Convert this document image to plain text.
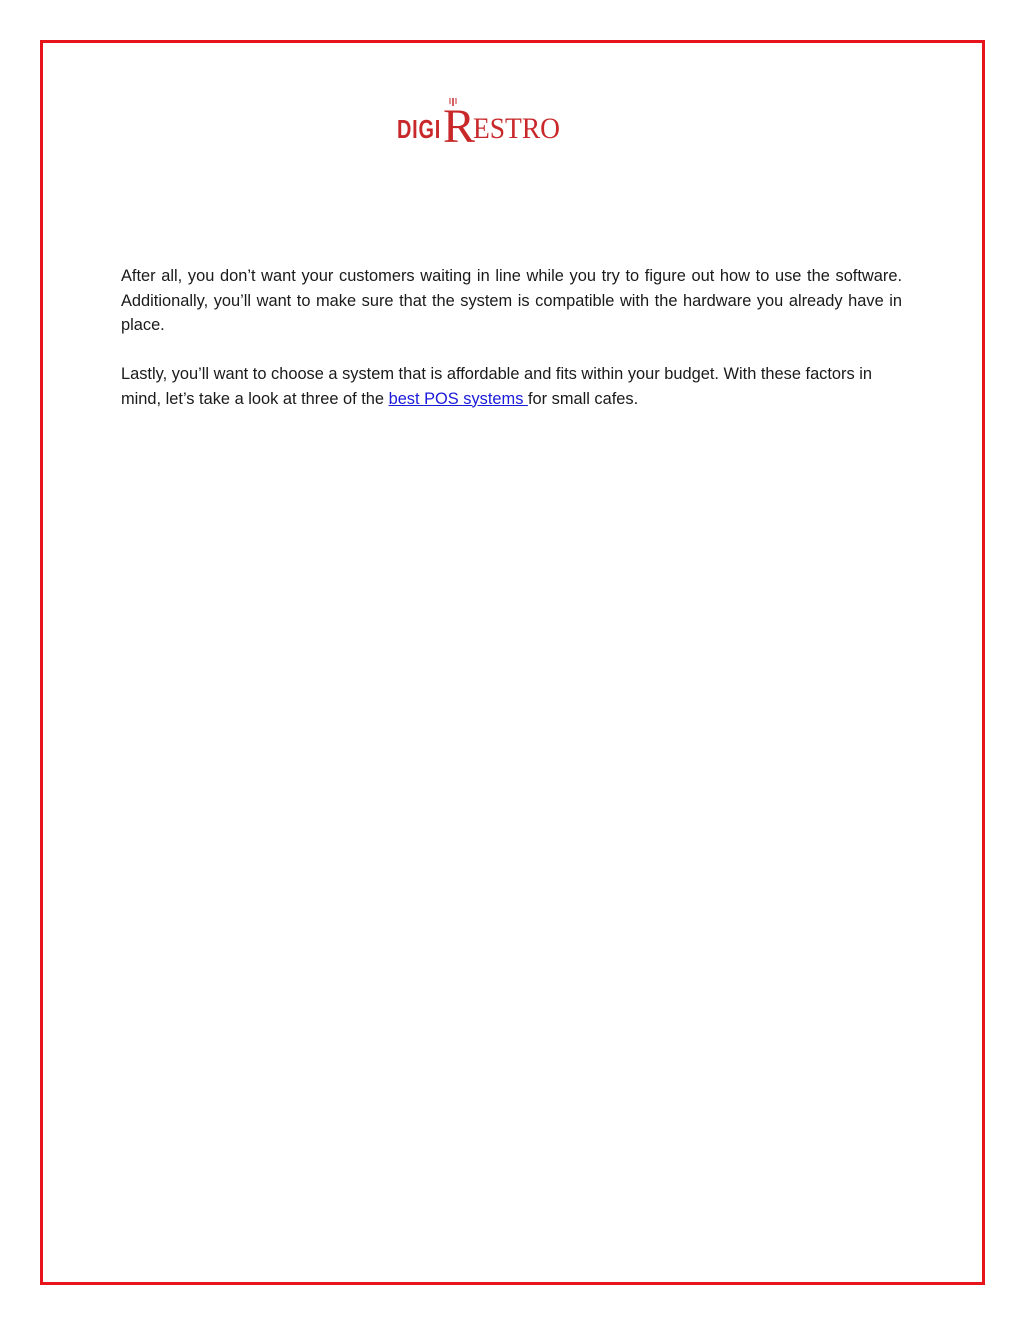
DIGI R
ESTRO

After all, you don’t want your customers waiting in line while you try to figure out how to use the software. Additionally, you’ll want to make sure that the system is compatible with the hardware you already have in place.

Lastly, you’ll want to choose a system that is affordable and fits within your budget. With these factors in mind, let’s take a look at three of the best POS systems for small cafes.
